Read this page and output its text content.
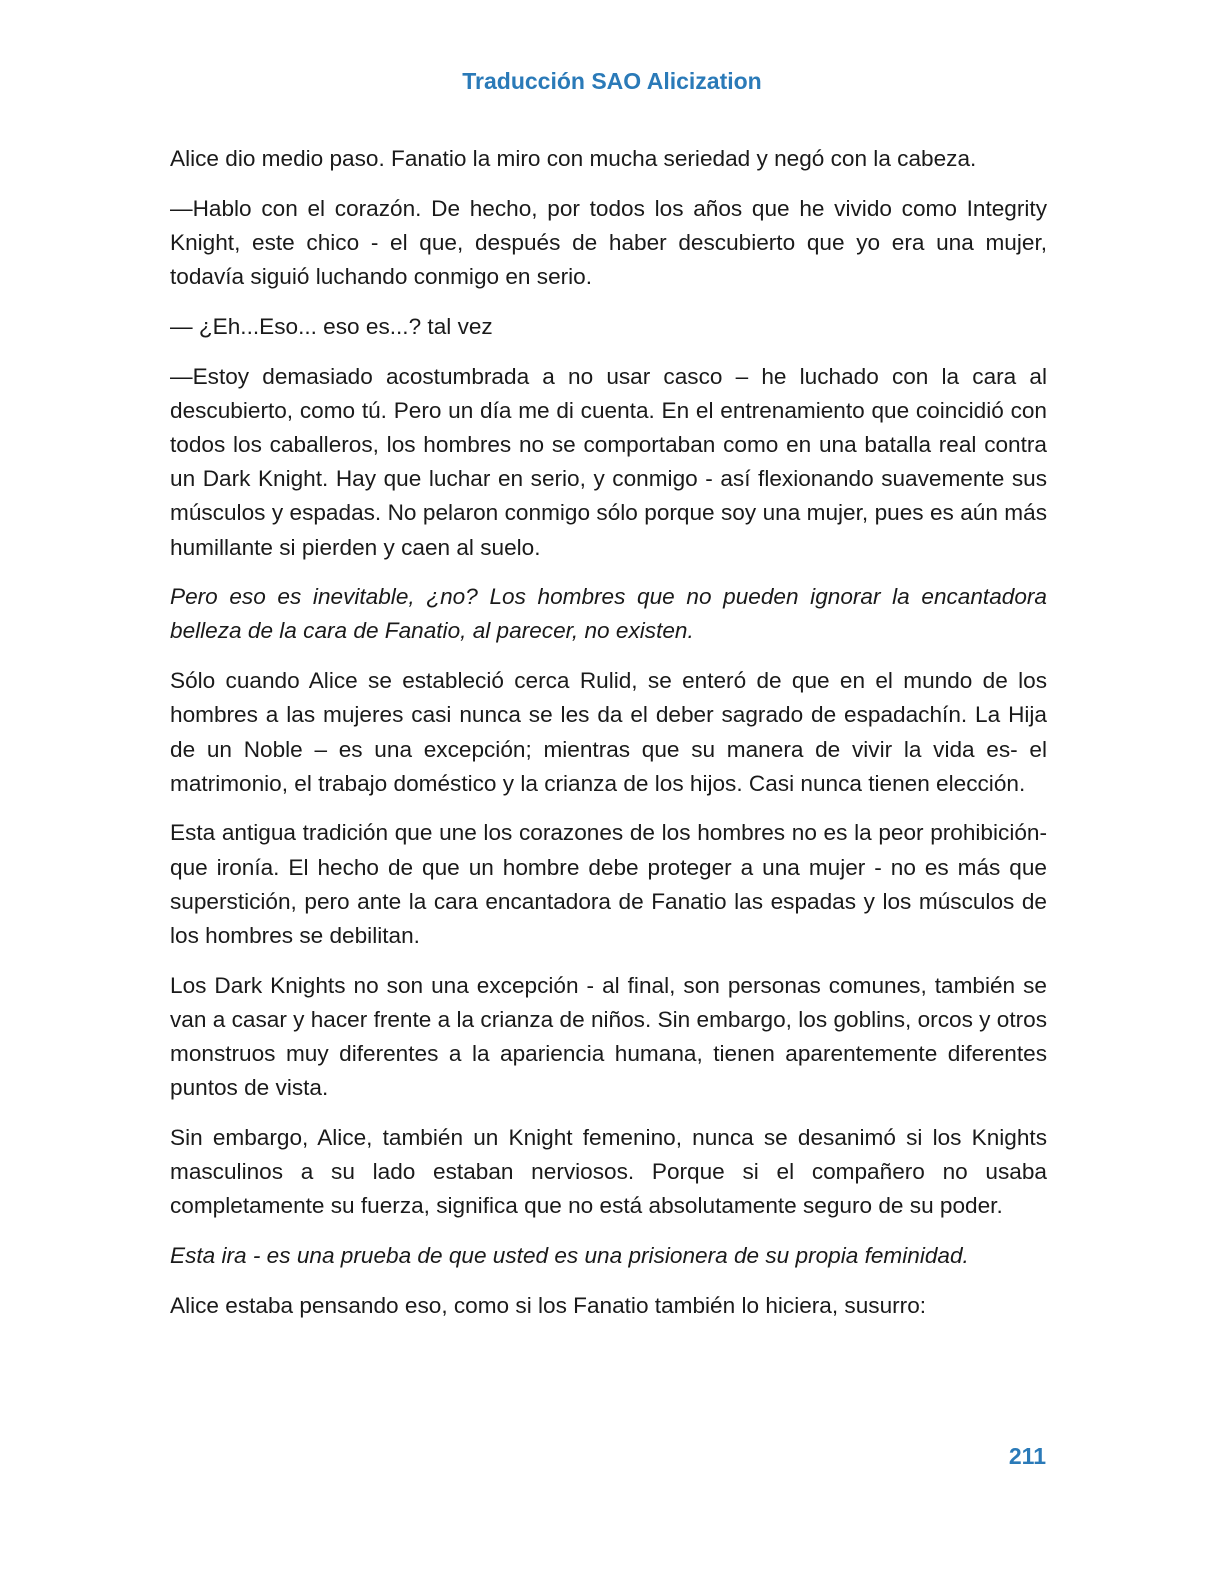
Traducción SAO Alicization

Alice dio medio paso. Fanatio la miro con mucha seriedad y negó con la cabeza.

—Hablo con el corazón. De hecho, por todos los años que he vivido como Integrity Knight, este chico - el que, después de haber descubierto que yo era una mujer, todavía siguió luchando conmigo en serio.

— ¿Eh...Eso... eso es...? tal vez

—Estoy demasiado acostumbrada a no usar casco – he luchado con la cara al descubierto, como tú. Pero un día me di cuenta. En el entrenamiento que coincidió con todos los caballeros, los hombres no se comportaban como en una batalla real contra un Dark Knight. Hay que luchar en serio, y conmigo - así flexionando suavemente sus músculos y espadas. No pelaron conmigo sólo porque soy una mujer, pues es aún más humillante si pierden y caen al suelo.

Pero eso es inevitable, ¿no? Los hombres que no pueden ignorar la encantadora belleza de la cara de Fanatio, al parecer, no existen.

Sólo cuando Alice se estableció cerca Rulid, se enteró de que en el mundo de los hombres a las mujeres casi nunca se les da el deber sagrado de espadachín. La Hija de un Noble – es una excepción; mientras que su manera de vivir la vida es- el matrimonio, el trabajo doméstico y la crianza de los hijos. Casi nunca tienen elección.

Esta antigua tradición que une los corazones de los hombres no es la peor prohibición- que ironía. El hecho de que un hombre debe proteger a una mujer - no es más que superstición, pero ante la cara encantadora de Fanatio las espadas y los músculos de los hombres se debilitan.

Los Dark Knights no son una excepción - al final, son personas comunes, también se van a casar y hacer frente a la crianza de niños. Sin embargo, los goblins, orcos y otros monstruos muy diferentes a la apariencia humana, tienen aparentemente diferentes puntos de vista.

Sin embargo, Alice, también un Knight femenino, nunca se desanimó si los Knights masculinos a su lado estaban nerviosos. Porque si el compañero no usaba completamente su fuerza, significa que no está absolutamente seguro de su poder.

Esta ira - es una prueba de que usted es una prisionera de su propia feminidad.

Alice estaba pensando eso, como si los Fanatio también lo hiciera, susurro:

211
